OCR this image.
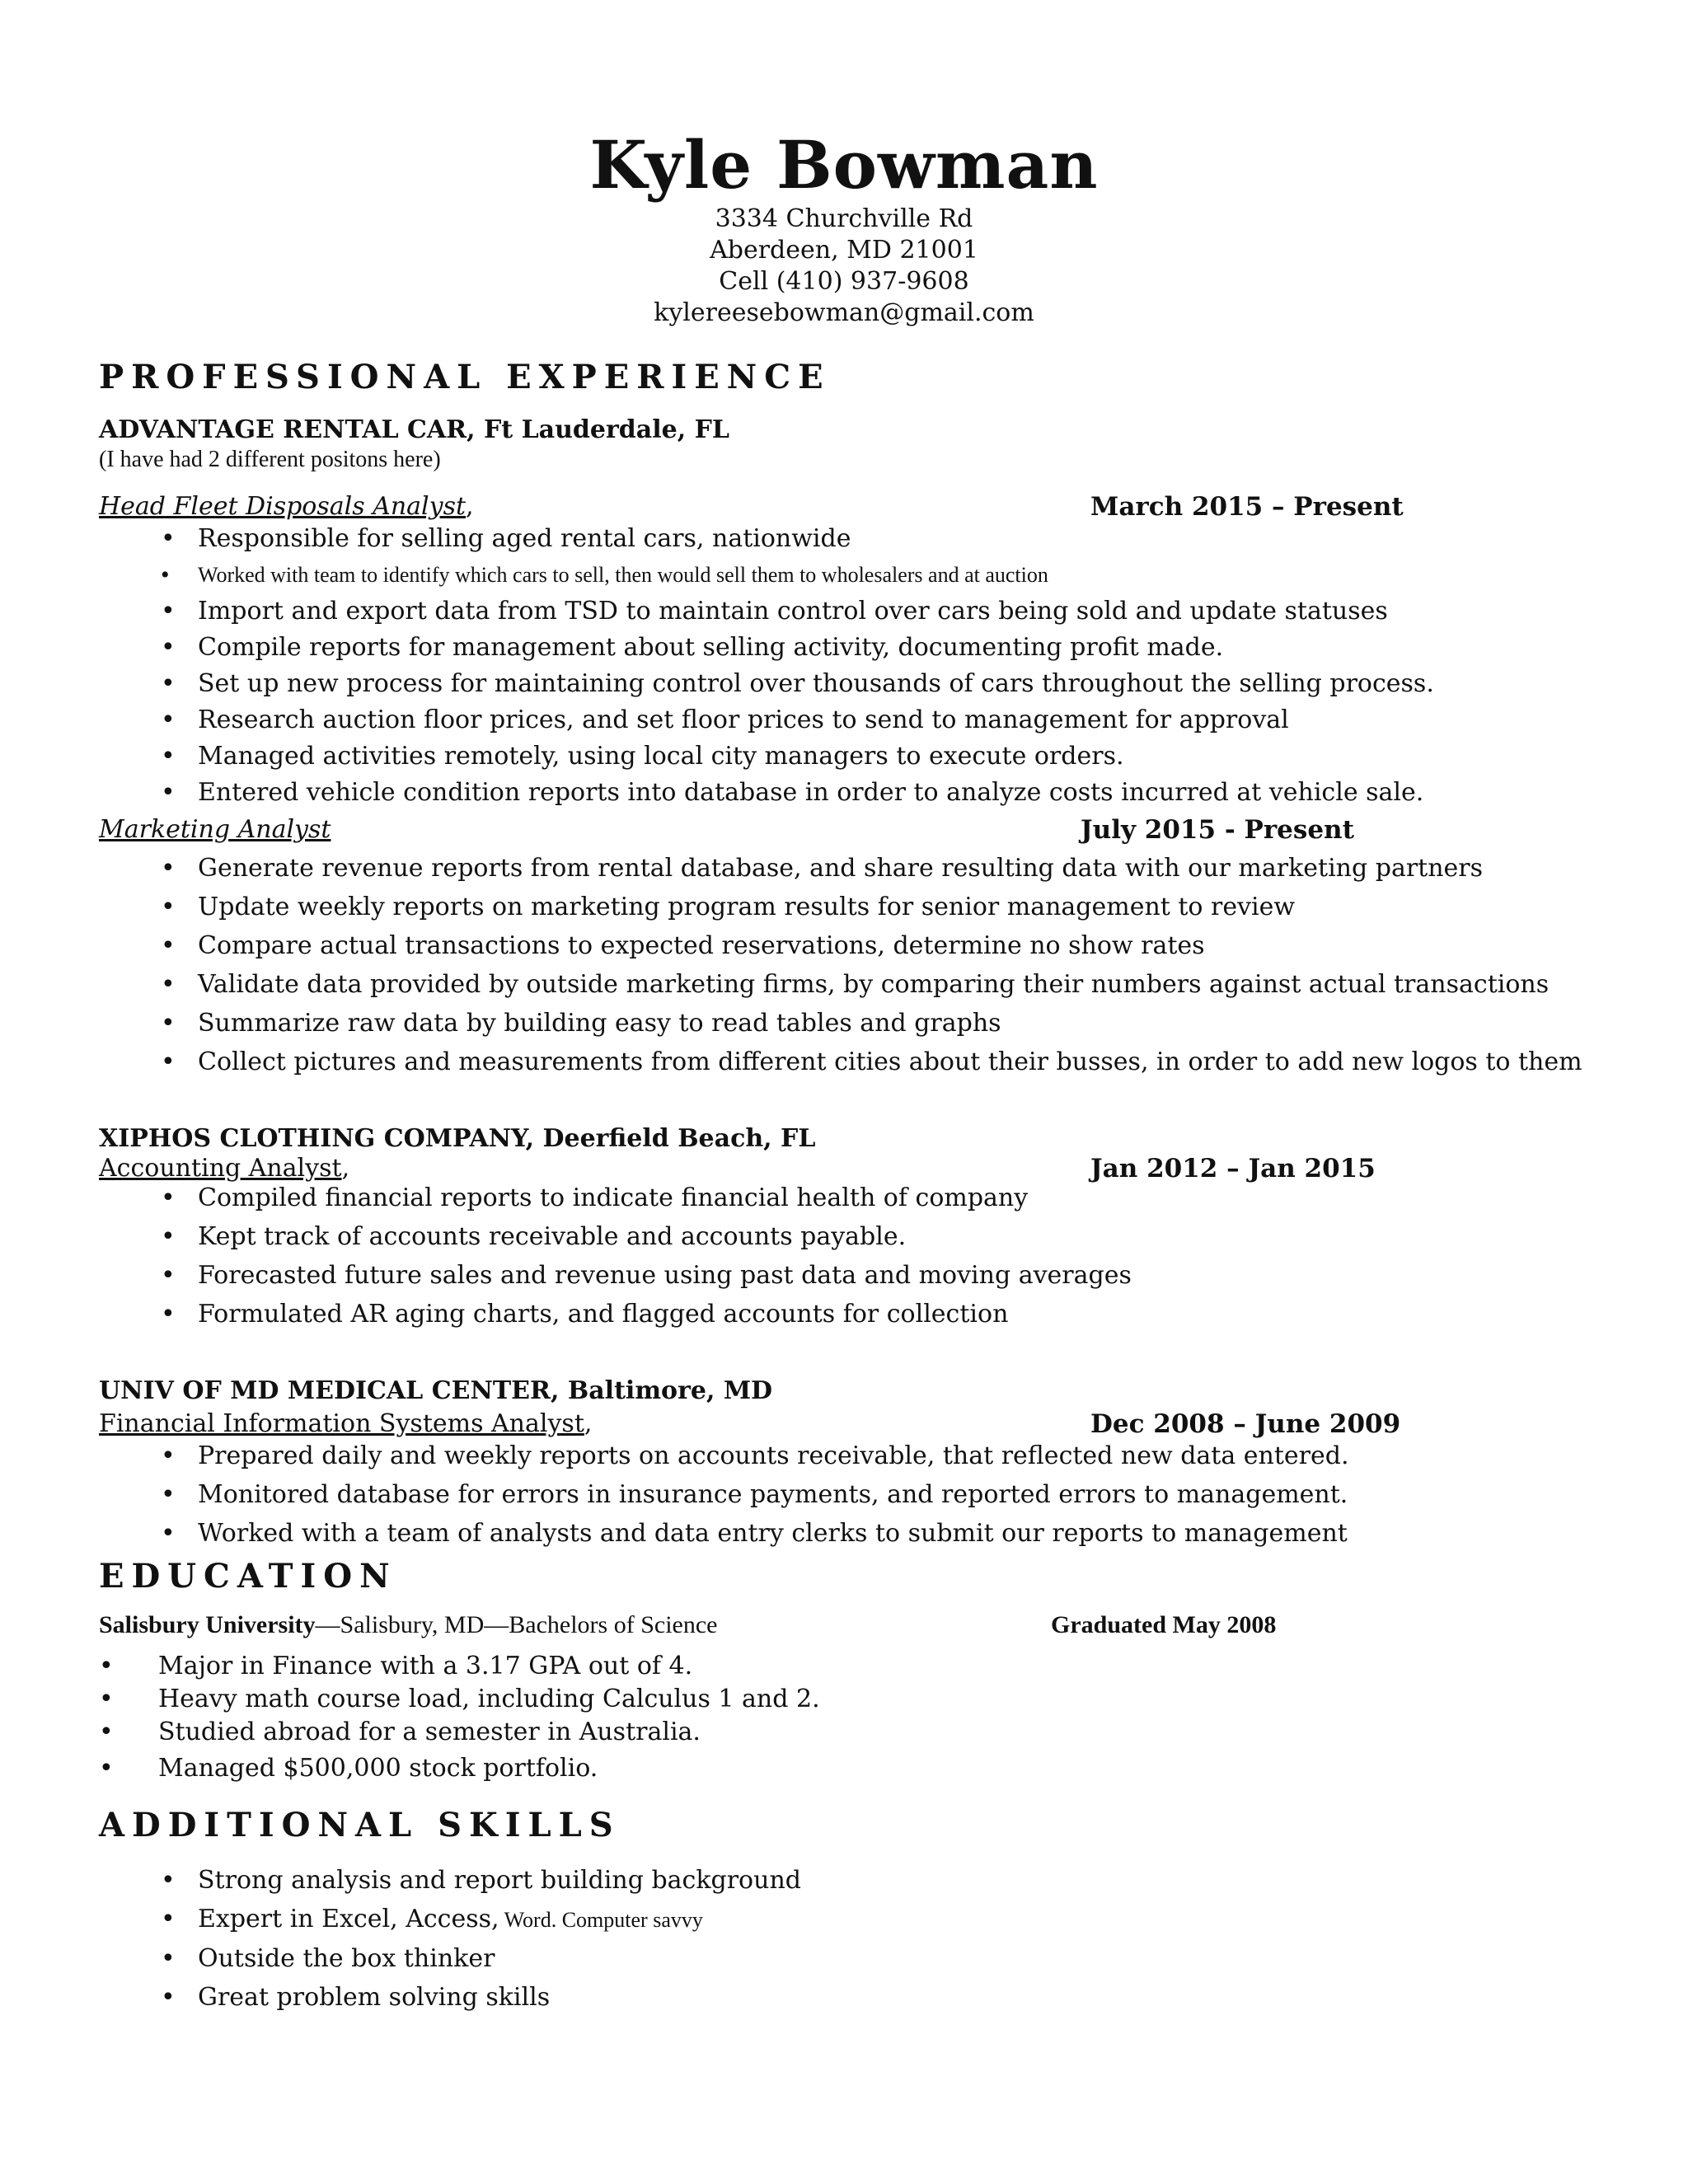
Kyle Bowman
3334 Churchville Rd
Aberdeen, MD 21001
Cell (410) 937-9608
kylereesebowman@gmail.com
PROFESSIONAL EXPERIENCE
ADVANTAGE RENTAL CAR, Ft Lauderdale, FL
(I have had 2 different positons here)
Head Fleet Disposals Analyst,	March 2015 – Present
• Responsible for selling aged rental cars, nationwide
• Worked with team to identify which cars to sell, then would sell them to wholesalers and at auction
• Import and export data from TSD to maintain control over cars being sold and update statuses
• Compile reports for management about selling activity, documenting profit made.
• Set up new process for maintaining control over thousands of cars throughout the selling process.
• Research auction floor prices, and set floor prices to send to management for approval
• Managed activities remotely, using local city managers to execute orders.
• Entered vehicle condition reports into database in order to analyze costs incurred at vehicle sale.
Marketing Analyst	July 2015 - Present
• Generate revenue reports from rental database, and share resulting data with our marketing partners
• Update weekly reports on marketing program results for senior management to review
• Compare actual transactions to expected reservations, determine no show rates
• Validate data provided by outside marketing firms, by comparing their numbers against actual transactions
• Summarize raw data by building easy to read tables and graphs
• Collect pictures and measurements from different cities about their busses, in order to add new logos to them
XIPHOS CLOTHING COMPANY, Deerfield Beach, FL
Accounting Analyst,	Jan 2012 – Jan 2015
• Compiled financial reports to indicate financial health of company
• Kept track of accounts receivable and accounts payable.
• Forecasted future sales and revenue using past data and moving averages
• Formulated AR aging charts, and flagged accounts for collection
UNIV OF MD MEDICAL CENTER, Baltimore, MD
Financial Information Systems Analyst,	Dec 2008 – June 2009
• Prepared daily and weekly reports on accounts receivable, that reflected new data entered.
• Monitored database for errors in insurance payments, and reported errors to management.
• Worked with a team of analysts and data entry clerks to submit our reports to management
EDUCATION
Salisbury University—Salisbury, MD—Bachelors of Science	Graduated May 2008
• Major in Finance with a 3.17 GPA out of 4.
• Heavy math course load, including Calculus 1 and 2.
• Studied abroad for a semester in Australia.
• Managed $500,000 stock portfolio.
ADDITIONAL SKILLS
• Strong analysis and report building background
• Expert in Excel, Access, Word. Computer savvy
• Outside the box thinker
• Great problem solving skills
